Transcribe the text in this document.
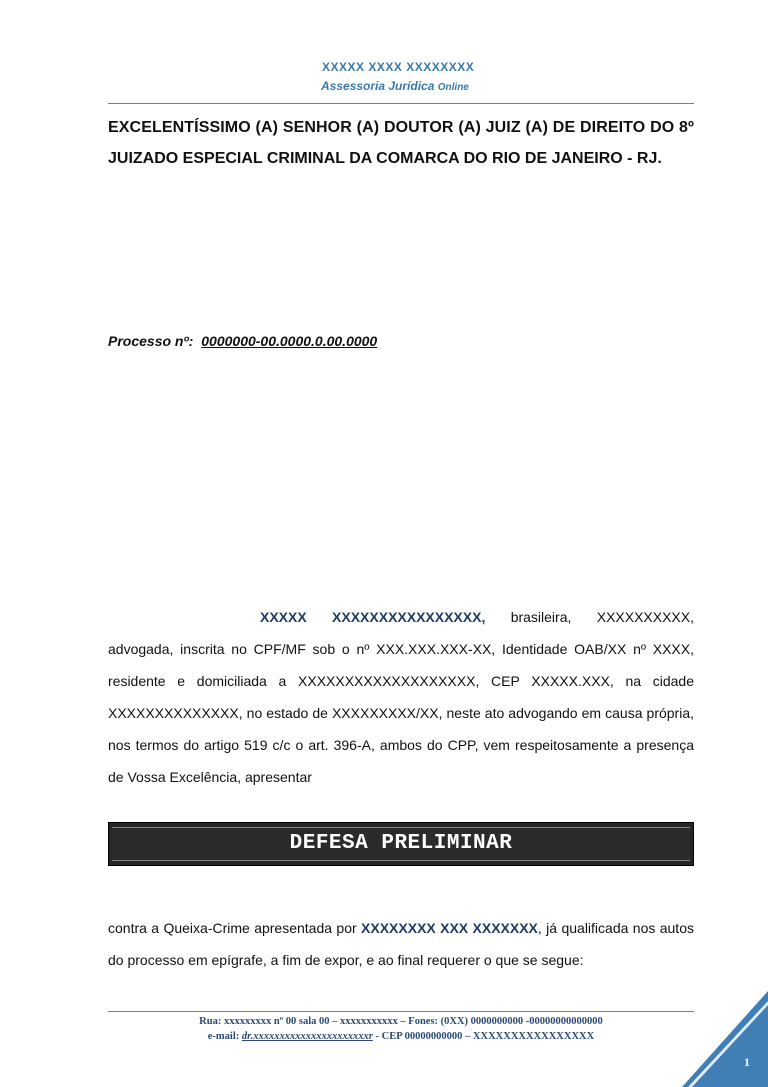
XXXXX XXXX XXXXXXXX
Assessoria Jurídica Online
EXCELENTÍSSIMO (A) SENHOR (A) DOUTOR (A) JUIZ (A) DE DIREITO DO 8º
JUIZADO ESPECIAL CRIMINAL DA COMARCA DO RIO DE JANEIRO - RJ.
Processo nº: 0000000-00.0000.0.00.0000
XXXXX XXXXXXXXXXXXXXXX, brasileira, XXXXXXXXXX, advogada, inscrita no CPF/MF sob o nº XXX.XXX.XXX-XX, Identidade OAB/XX nº XXXX, residente e domiciliada a XXXXXXXXXXXXXXXXXXX, CEP XXXXX.XXX, na cidade XXXXXXXXXXXXXX, no estado de XXXXXXXXX/XX, neste ato advogando em causa própria, nos termos do artigo 519 c/c o art. 396-A, ambos do CPP, vem respeitosamente a presença de Vossa Excelência, apresentar
DEFESA PRELIMINAR
contra a Queixa-Crime apresentada por XXXXXXXX XXX XXXXXXX, já qualificada nos autos do processo em epígrafe, a fim de expor, e ao final requerer o que se segue:
Rua: xxxxxxxxx nº 00 sala 00 – xxxxxxxxxxx – Fones: (0XX) 0000000000 -00000000000000
e-mail: dr.xxxxxxxxxxxxxxxxxxxxxxr - CEP 00000000000 – XXXXXXXXXXXXXXXX
1
